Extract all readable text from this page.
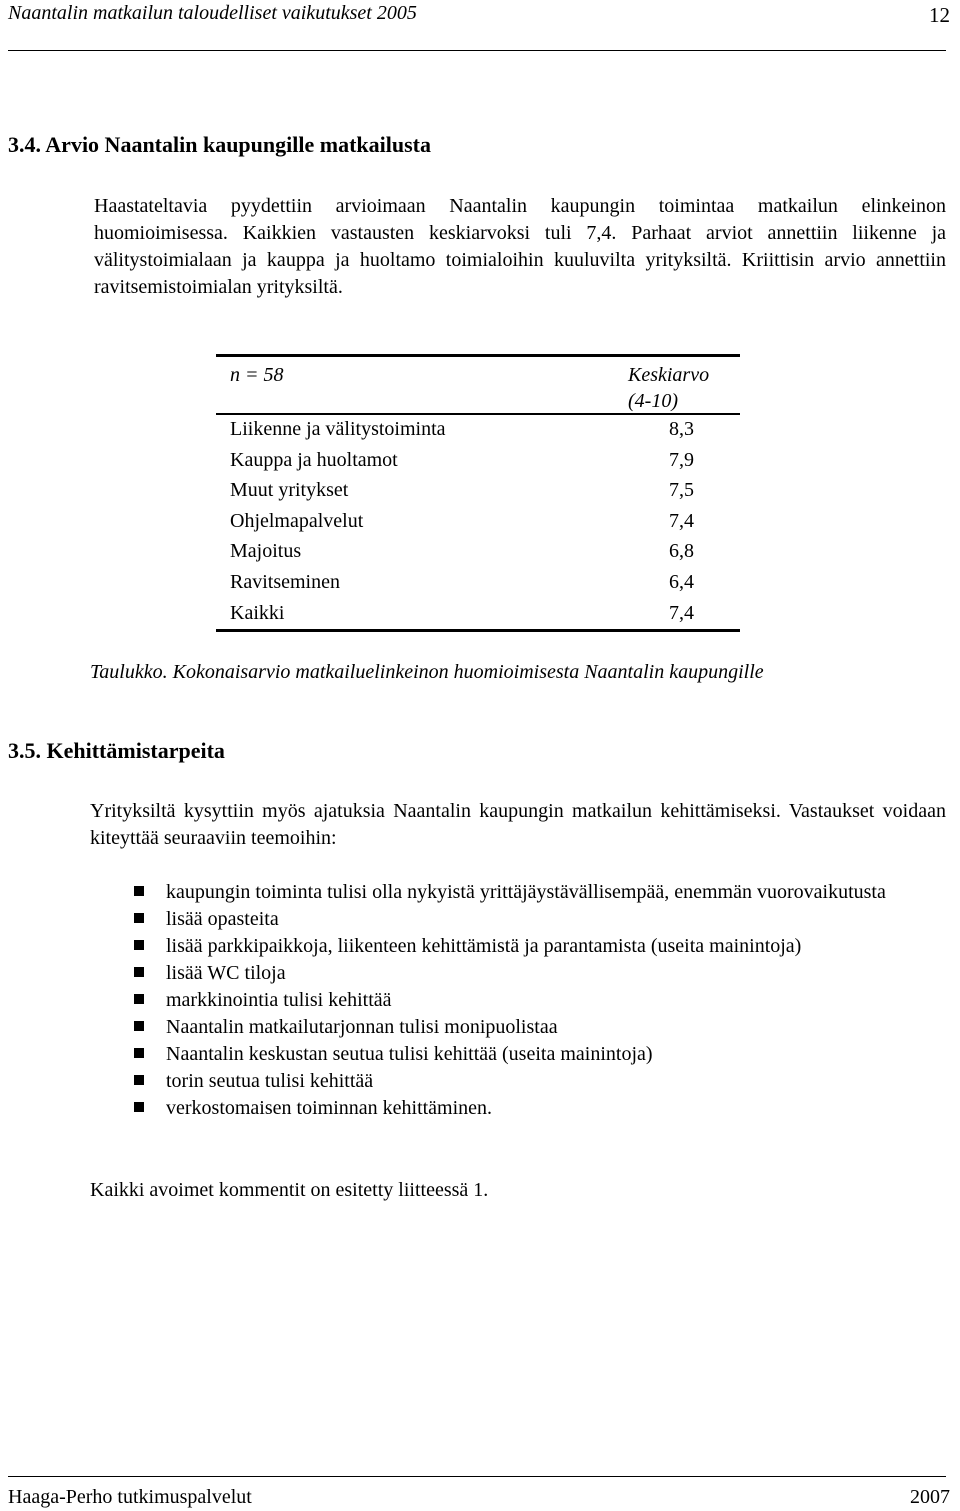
Naantalin matkailun taloudelliset vaikutukset 2005	12
3.4. Arvio Naantalin kaupungille matkailusta

Haastateltavia pyydettiin arvioimaan Naantalin kaupungin toimintaa matkailun elinkeinon huomioimisessa. Kaikkien vastausten keskiarvoksi tuli 7,4. Parhaat arviot annettiin liikenne ja välitystoimialaan ja kauppa ja huoltamo toimialoihin kuuluvilta yrityksiltä. Kriittisin arvio annettiin ravitsemistoimialan yrityksiltä.

n = 58	Keskiarvo
(4-10)
Liikenne ja välitystoiminta	8,3
Kauppa ja huoltamot	7,9
Muut yritykset	7,5
Ohjelmapalvelut	7,4
Majoitus	6,8
Ravitseminen	6,4
Kaikki	7,4
Taulukko. Kokonaisarvio matkailuelinkeinon huomioimisesta Naantalin kaupungille
3.5. Kehittämistarpeita

Yrityksiltä kysyttiin myös ajatuksia Naantalin kaupungin matkailun kehittämiseksi. Vastaukset voidaan kiteyttää seuraaviin teemoihin:

kaupungin toiminta tulisi olla nykyistä yrittäjäystävällisempää, enemmän vuorovaikutusta
lisää opasteita
lisää parkkipaikkoja, liikenteen kehittämistä ja parantamista (useita mainintoja)
lisää WC tiloja
markkinointia tulisi kehittää
Naantalin matkailutarjonnan tulisi monipuolistaa
Naantalin keskustan seutua tulisi kehittää (useita mainintoja)
torin seutua tulisi kehittää
verkostomaisen toiminnan kehittäminen.
Kaikki avoimet kommentit on esitetty liitteessä 1.
Haaga-Perho tutkimuspalvelut	2007
